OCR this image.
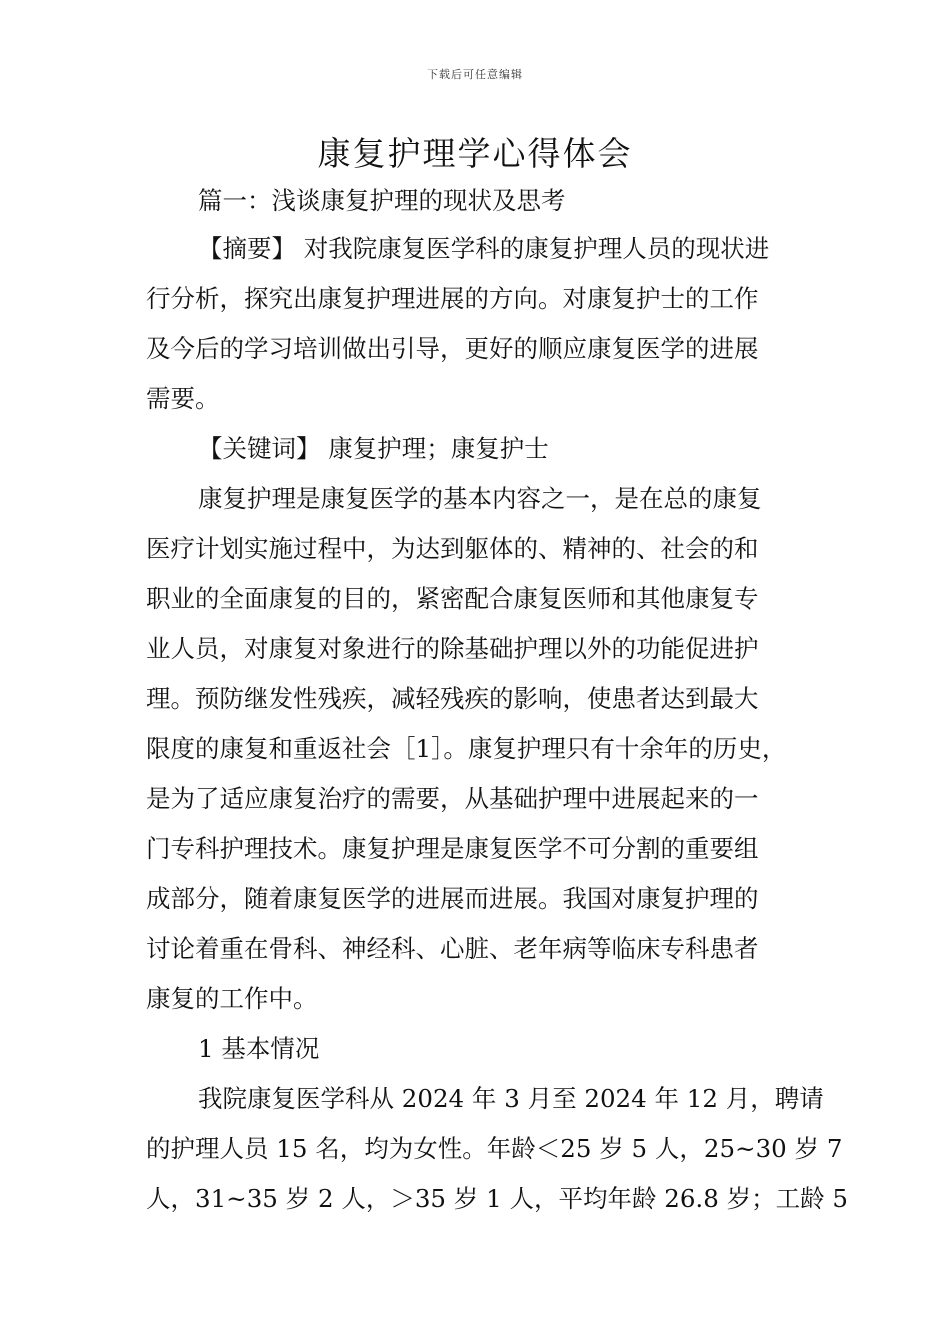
下载后可任意编辑
康复护理学心得体会
篇一：浅谈康复护理的现状及思考
【摘要】 对我院康复医学科的康复护理人员的现状进
行分析，探究出康复护理进展的方向。对康复护士的工作
及今后的学习培训做出引导，更好的顺应康复医学的进展
需要。
【关键词】 康复护理；康复护士
康复护理是康复医学的基本内容之一，是在总的康复
医疗计划实施过程中，为达到躯体的、精神的、社会的和
职业的全面康复的目的，紧密配合康复医师和其他康复专
业人员，对康复对象进行的除基础护理以外的功能促进护
理。预防继发性残疾，减轻残疾的影响，使患者达到最大
限度的康复和重返社会［1］。康复护理只有十余年的历史，
是为了适应康复治疗的需要，从基础护理中进展起来的一
门专科护理技术。康复护理是康复医学不可分割的重要组
成部分，随着康复医学的进展而进展。我国对康复护理的
讨论着重在骨科、神经科、心脏、老年病等临床专科患者
康复的工作中。
1 基本情况
我院康复医学科从 2024 年 3 月至 2024 年 12 月，聘请
的护理人员 15 名，均为女性。年龄＜25 岁 5 人，25~30 岁 7
人，31~35 岁 2 人，＞35 岁 1 人，平均年龄 26.8 岁；工龄 5
